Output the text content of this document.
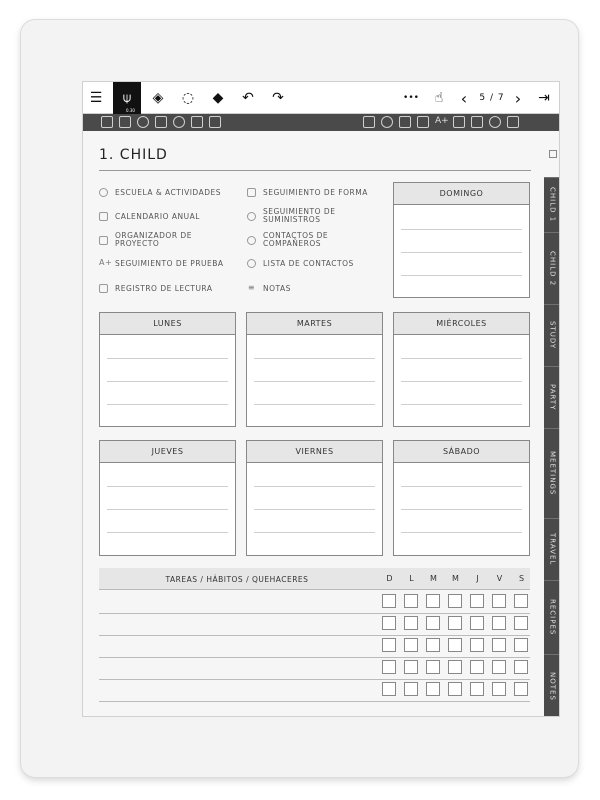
☰	⍦
0.30
◈	◌	◆	↶	↷	•••	☝	‹	5 / 7 ›	⇥
A+
CHILD 1
CHILD 2
STUDY
PARTY
MEETINGS
TRAVEL
RECIPES
NOTES
1. CHILD
ESCUELA & ACTIVIDADES
CALENDARIO ANUAL
ORGANIZADOR DE PROYECTO
A+ SEGUIMIENTO DE PRUEBA
REGISTRO DE LECTURA
SEGUIMIENTO DE FORMA
SEGUIMIENTO DE SUMINISTROS
CONTACTOS DE COMPAÑEROS
LISTA DE CONTACTOS
≡ NOTAS
DOMINGO
LUNES	MARTES	MIÉRCOLES
JUEVES	VIERNES	SÁBADO
TAREAS / HÁBITOS / QUEHACERES	D	L	M	M	J	V	S
